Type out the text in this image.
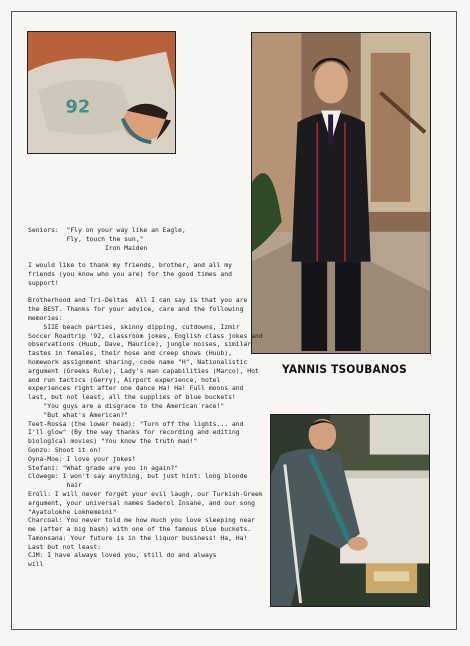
92
YANNIS TSOUBANOS
Seniors:  "Fly on your way like an Eagle,
Fly, touch the sun,"
Iron Maiden
I would like to thank my friends, brother, and all my
friends (you know who you are) for the good times and
support!
Brotherhood and Tri-Deltas  All I can say is that you are
the BEST. Thanks for your advice, care and the following
memories:
SIIE beach parties, skinny dipping, cutdowns, Izmir
Soccer Roadtrip '92, classroom jokes, English class jokes and
observations (Huub, Dave, Maurice), jungle noises, similar
tastes in females, their hose and creep shows (Huub),
homework assignment sharing, code name "H", Nationalistic
argument (Greeks Rule), Lady's man capabilities (Marco), Hot
and run tactics (Gerry), Airport experience, hotel
experiences right after one dance Ha! Ha! Full moons and
last, but not least, all the supplies of blue buckets!
"You guys are a disgrace to the American race!"
"But what's American?"
Teet-Rossa (the lower head): "Turn off the lights... and
I'll glow" (By the way thanks for recording and editing
biological movies) "You know the truth man!"
Gonzo: Shoot it on!
Oyna-Moe: I love your jokes!
Stefani: "What grade are you in again?"
Clowege: I won't say anything, but just hint: long blonde
hair
Eroll: I will never forget your evil laugh, our Turkish-Greek
argument, your universal names Saderol Insane, and our song
"Ayatolokhe Lokhemeini"
Charcoal: You never told me how much you love sleeping near
me (after a big bash) with one of the famous blue buckets.
Tamonsana: Your future is in the liquor business! Ha, Ha!
Last but not least:
CJM: I have always loved you, still do and always
will
